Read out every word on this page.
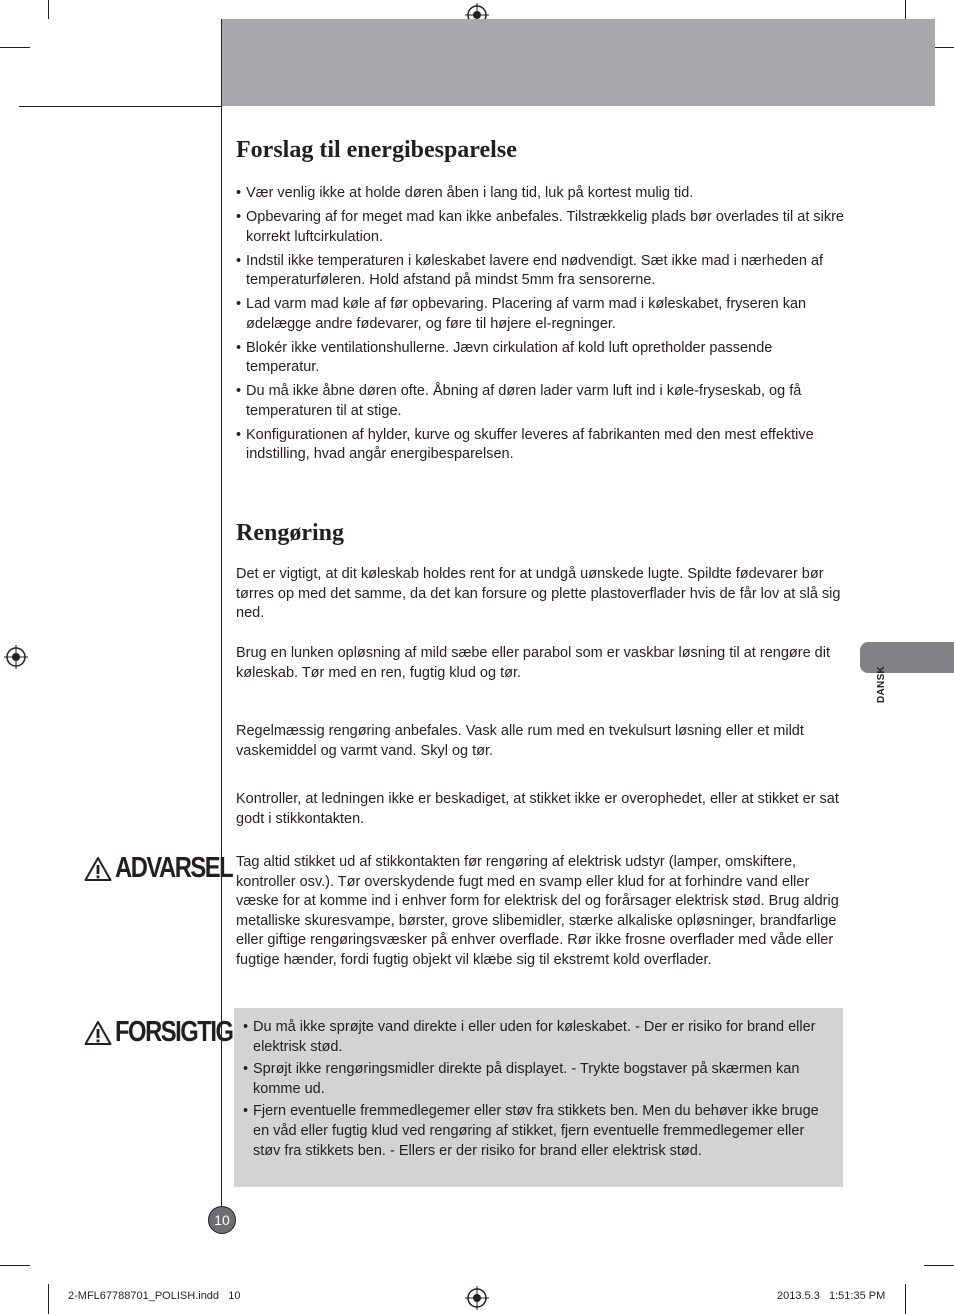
Forslag til energibesparelse
• Vær venlig ikke at holde døren åben i lang tid, luk på kortest mulig tid.
• Opbevaring af for meget mad kan ikke anbefales. Tilstrækkelig plads bør overlades til at sikre korrekt luftcirkulation.
• Indstil ikke temperaturen i køleskabet lavere end nødvendigt. Sæt ikke mad i nærheden af temperaturføleren. Hold afstand på mindst 5mm fra sensorerne.
• Lad varm mad køle af før opbevaring. Placering af varm mad i køleskabet, fryseren kan ødelægge andre fødevarer, og føre til højere el-regninger.
• Blokér ikke ventilationshullerne. Jævn cirkulation af kold luft opretholder passende temperatur.
• Du må ikke åbne døren ofte. Åbning af døren lader varm luft ind i køle-fryseskab, og få temperaturen til at stige.
• Konfigurationen af hylder, kurve og skuffer leveres af fabrikanten med den mest effektive indstilling, hvad angår energibesparelsen.
Rengøring

Det er vigtigt, at dit køleskab holdes rent for at undgå uønskede lugte. Spildte fødevarer bør tørres op med det samme, da det kan forsure og plette plastoverflader hvis de får lov at slå sig ned.

Brug en lunken opløsning af mild sæbe eller parabol som er vaskbar løsning til at rengøre dit køleskab. Tør med en ren, fugtig klud og tør.

Regelmæssig rengøring anbefales. Vask alle rum med en tvekulsurt løsning eller et mildt vaskemiddel og varmt vand. Skyl og tør.

Kontroller, at ledningen ikke er beskadiget, at stikket ikke er overophedet, eller at stikket er sat godt i stikkontakten.

ADVARSEL Tag altid stikket ud af stikkontakten før rengøring af elektrisk udstyr (lamper, omskiftere, kontroller osv.). Tør overskydende fugt med en svamp eller klud for at forhindre vand eller væske for at komme ind i enhver form for elektrisk del og forårsager elektrisk stød. Brug aldrig metalliske skuresvampe, børster, grove slibemidler, stærke alkaliske opløsninger, brandfarlige eller giftige rengøringsvæsker på enhver overflade. Rør ikke frosne overflader med våde eller fugtige hænder, fordi fugtig objekt vil klæbe sig til ekstremt kold overflader.

FORSIGTIG
•	Du må ikke sprøjte vand direkte i eller uden for køleskabet. - Der er risiko for brand eller elektrisk stød.
• Sprøjt ikke rengøringsmidler direkte på displayet. - Trykte bogstaver på skærmen kan komme ud.
• Fjern eventuelle fremmedlegemer eller støv fra stikkets ben. Men du behøver ikke bruge en våd eller fugtig klud ved rengøring af stikket, fjern eventuelle fremmedlegemer eller støv fra stikkets ben. - Ellers er der risiko for brand eller elektrisk stød.
DANSK
10
2-MFL67788701_POLISH.indd   10	2013.5.3   1:51:35 PM
